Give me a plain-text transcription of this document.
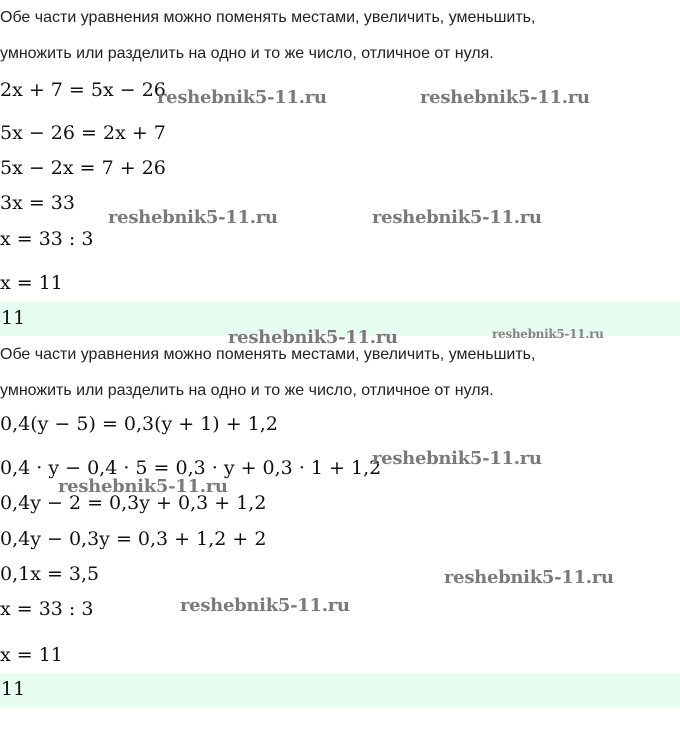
Обе части уравнения можно поменять местами, увеличить, уменьшить,
умножить или разделить на одно и то же число, отличное от нуля.
2x + 7 = 5x − 26
5x − 26 = 2x + 7
5x − 2x = 7 + 26
3x = 33
x = 33 : 3
x = 11
11
Обе части уравнения можно поменять местами, увеличить, уменьшить,
умножить или разделить на одно и то же число, отличное от нуля.
0,4(y − 5) = 0,3(y + 1) + 1,2
0,4 · y − 0,4 · 5 = 0,3 · y + 0,3 · 1 + 1,2
0,4y − 2 = 0,3y + 0,3 + 1,2
0,4y − 0,3y = 0,3 + 1,2 + 2
0,1x = 3,5
x = 33 : 3
x = 11
11
reshebnik5-11.ru	reshebnik5-11.ru
reshebnik5-11.ru	reshebnik5-11.ru
reshebnik5-11.ru	reshebnik5-11.ru
reshebnik5-11.ru
reshebnik5-11.ru
reshebnik5-11.ru
reshebnik5-11.ru
